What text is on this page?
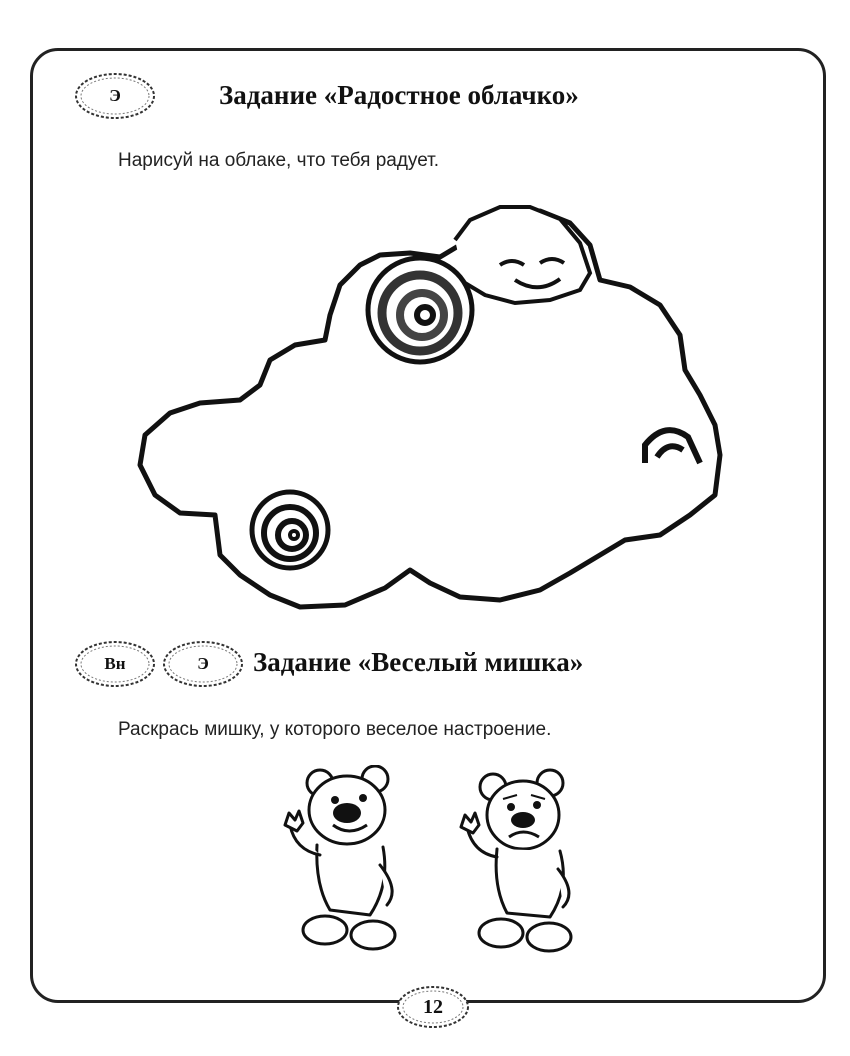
Э	Задание «Радостное облачко»
Нарисуй на облаке, что тебя радует.
Вн	Э	Задание «Веселый мишка»
Раскрась мишку, у которого веселое настроение.
12
